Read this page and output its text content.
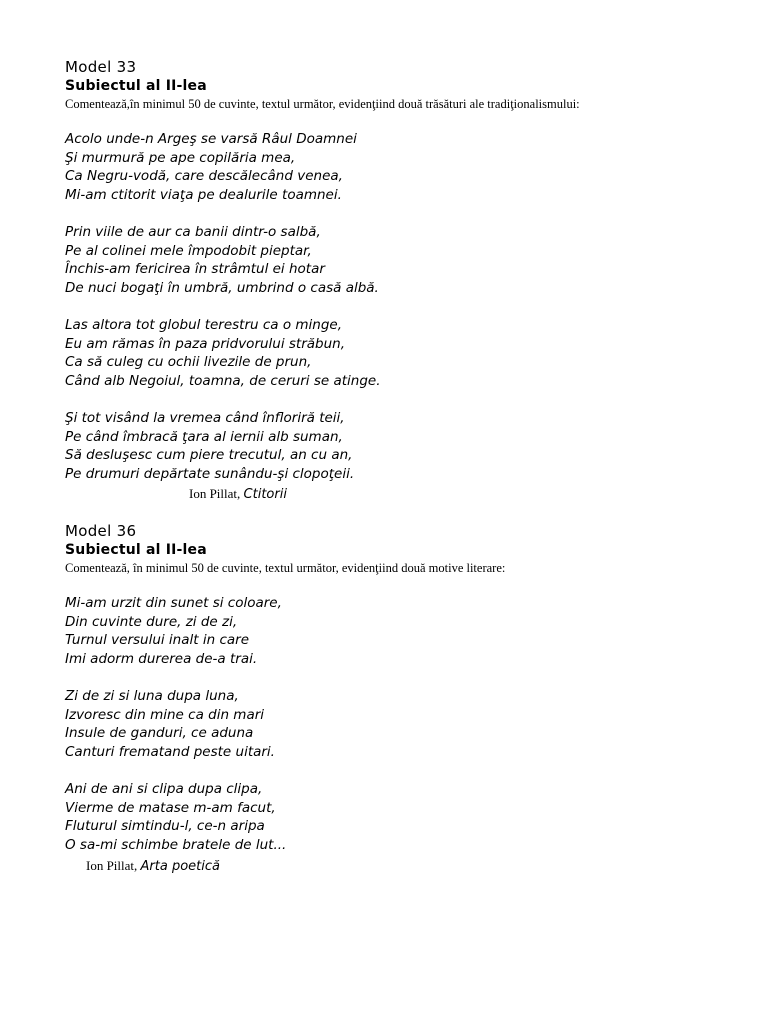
Model 33
Subiectul al II-lea

Comentează,în minimul 50 de cuvinte, textul următor, evidenţiind două trăsături ale tradiţionalismului:

Acolo unde-n Argeş se varsă Râul Doamnei
Şi murmură pe ape copilăria mea,
Ca Negru-vodă, care descălecând venea,
Mi-am ctitorit viaţa pe dealurile toamnei.
Prin viile de aur ca banii dintr-o salbă,
Pe al colinei mele împodobit pieptar,
Închis-am fericirea în strâmtul ei hotar
De nuci bogaţi în umbră, umbrind o casă albă.
Las altora tot globul terestru ca o minge,
Eu am rămas în paza pridvorului străbun,
Ca să culeg cu ochii livezile de prun,
Când alb Negoiul, toamna, de ceruri se atinge.
Şi tot visând la vremea când înfloriră teii,
Pe când îmbracă ţara al iernii alb suman,
Să desluşesc cum piere trecutul, an cu an,
Pe drumuri depărtate sunându-şi clopoţeii.
Ion Pillat, Ctitorii
Model 36
Subiectul al II-lea

Comentează, în minimul 50 de cuvinte, textul următor, evidenţiind două motive literare:

Mi-am urzit din sunet si coloare,
Din cuvinte dure, zi de zi,
Turnul versului inalt in care
Imi adorm durerea de-a trai.
Zi de zi si luna dupa luna,
Izvoresc din mine ca din mari
Insule de ganduri, ce aduna
Canturi frematand peste uitari.
Ani de ani si clipa dupa clipa,
Vierme de matase m-am facut,
Fluturul simtindu-l, ce-n aripa
O sa-mi schimbe bratele de lut...
Ion Pillat, Arta poetică
